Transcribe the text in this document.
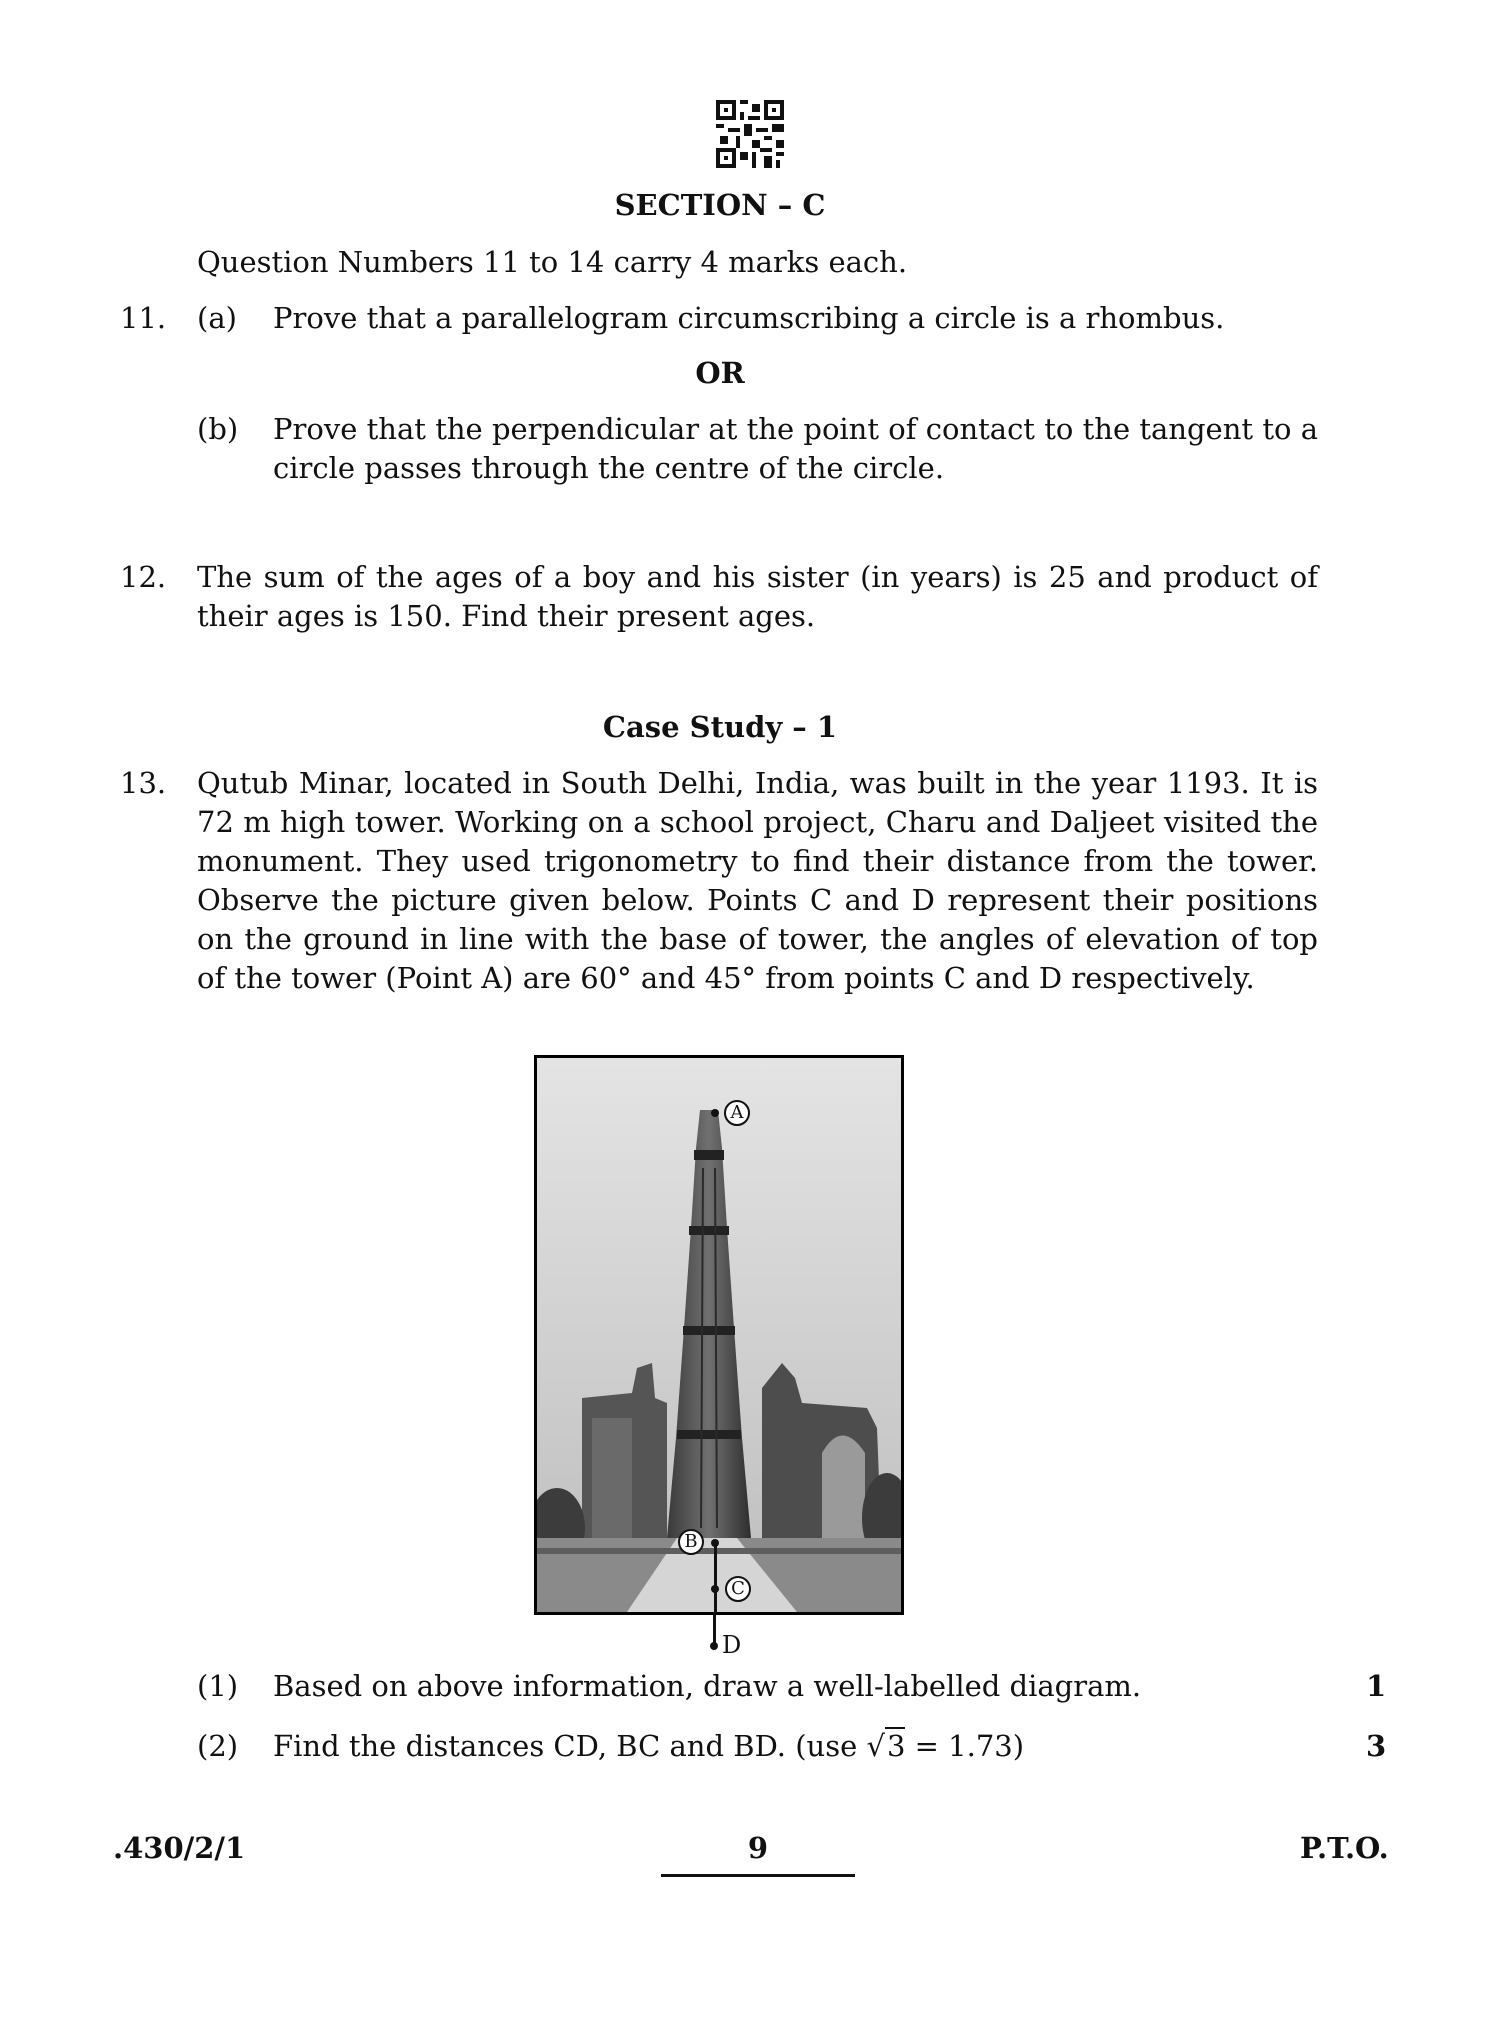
SECTION – C
Question Numbers 11 to 14 carry 4 marks each.
11. (a) Prove that a parallelogram circumscribing a circle is a rhombus.
OR
(b) Prove that the perpendicular at the point of contact to the tangent to a circle passes through the centre of the circle.
12. The sum of the ages of a boy and his sister (in years) is 25 and product of their ages is 150. Find their present ages.
Case Study – 1
13. Qutub Minar, located in South Delhi, India, was built in the year 1193. It is 72 m high tower. Working on a school project, Charu and Daljeet visited the monument. They used trigonometry to find their distance from the tower. Observe the picture given below. Points C and D represent their positions on the ground in line with the base of tower, the angles of elevation of top of the tower (Point A) are 60° and 45° from points C and D respectively.
A
B
C
D
(1) Based on above information, draw a well-labelled diagram.	1
(2) Find the distances CD, BC and BD. (use √3 = 1.73)	3
.430/2/1	9	P.T.O.
